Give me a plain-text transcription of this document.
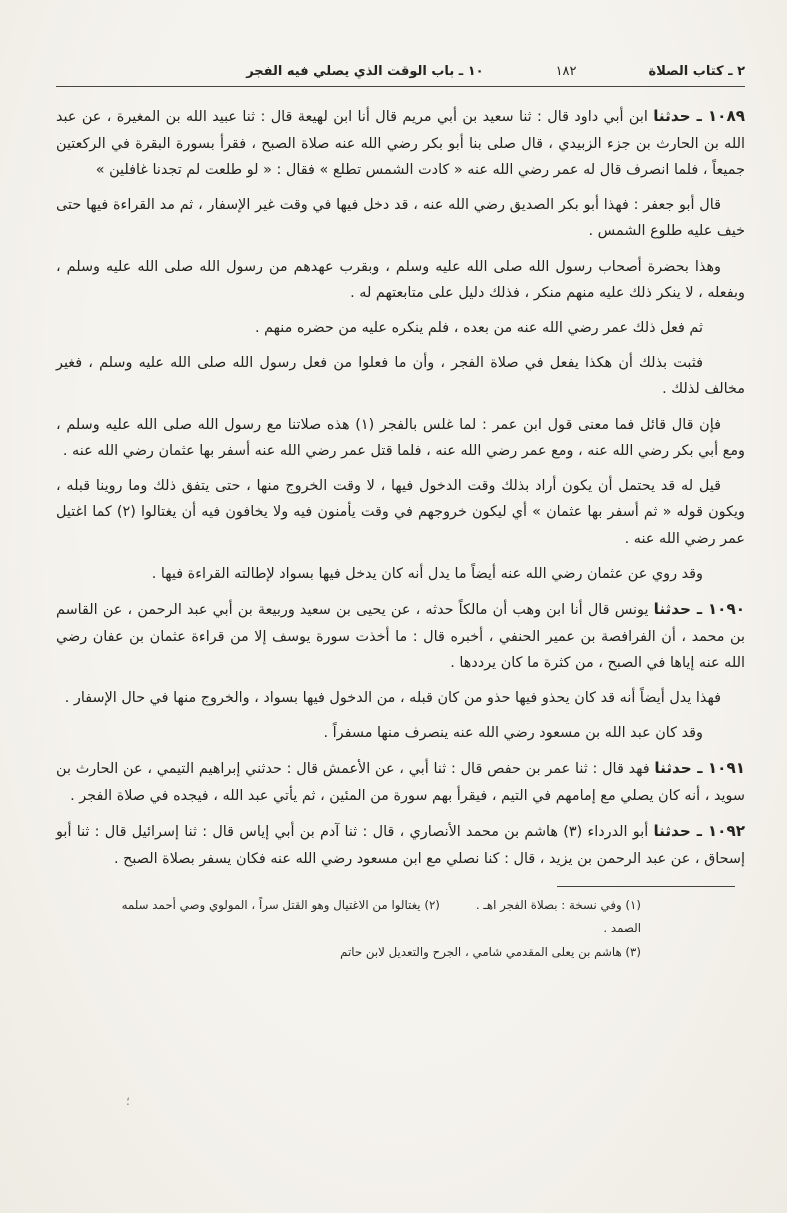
٢ ـ كتاب الصلاة
١٨٢
١٠ ـ باب الوقت الذي يصلي فيه الفجر

١٠٨٩ ـ حدثنا ابن أبي داود قال : ثنا سعيد بن أبي مريم قال أنا ابن لهيعة قال : ثنا عبيد الله بن المغيرة ، عن عبد الله بن الحارث بن جزء الزبيدي ، قال صلى بنا أبو بكر رضي الله عنه صلاة الصبح ، فقرأ بسورة البقرة في الركعتين جميعاً ، فلما انصرف قال له عمر رضي الله عنه « كادت الشمس تطلع » فقال : « لو طلعت لم تجدنا غافلين »

قال أبو جعفر : فهذا أبو بكر الصديق رضي الله عنه ، قد دخل فيها في وقت غير الإسفار ، ثم مد القراءة فيها حتى خيف عليه طلوع الشمس .

وهذا بحضرة أصحاب رسول الله صلى الله عليه وسلم ، وبقرب عهدهم من رسول الله صلى الله عليه وسلم ، وبفعله ، لا ينكر ذلك عليه منهم منكر ، فذلك دليل على متابعتهم له .

ثم فعل ذلك عمر رضي الله عنه من بعده ، فلم ينكره عليه من حضره منهم .

فثبت بذلك أن هكذا يفعل في صلاة الفجر ، وأن ما فعلوا من فعل رسول الله صلى الله عليه وسلم ، فغير مخالف لذلك .

فإن قال قائل فما معنى قول ابن عمر : لما غلس بالفجر (١) هذه صلاتنا مع رسول الله صلى الله عليه وسلم ، ومع أبي بكر رضي الله عنه ، ومع عمر رضي الله عنه ، فلما قتل عمر رضي الله عنه أسفر بها عثمان رضي الله عنه .

قيل له قد يحتمل أن يكون أراد بذلك وقت الدخول فيها ، لا وقت الخروج منها ، حتى يتفق ذلك وما روينا قبله ، ويكون قوله « ثم أسفر بها عثمان » أي ليكون خروجهم في وقت يأمنون فيه ولا يخافون فيه أن يغتالوا (٢) كما اغتيل عمر رضي الله عنه .

وقد روي عن عثمان رضي الله عنه أيضاً ما يدل أنه كان يدخل فيها بسواد لإطالته القراءة فيها .

١٠٩٠ ـ حدثنا يونس قال أنا ابن وهب أن مالكاً حدثه ، عن يحيى بن سعيد وربيعة بن أبي عبد الرحمن ، عن القاسم بن محمد ، أن الفرافصة بن عمير الحنفي ، أخبره قال : ما أخذت سورة يوسف إلا من قراءة عثمان بن عفان رضي الله عنه إياها في الصبح ، من كثرة ما كان يرددها .

فهذا يدل أيضاً أنه قد كان يحذو فيها حذو من كان قبله ، من الدخول فيها بسواد ، والخروج منها في حال الإسفار .

وقد كان عبد الله بن مسعود رضي الله عنه ينصرف منها مسفراً .

١٠٩١ ـ حدثنا فهد قال : ثنا عمر بن حفص قال : ثنا أبي ، عن الأعمش قال : حدثني إبراهيم التيمي ، عن الحارث بن سويد ، أنه كان يصلي مع إمامهم في التيم ، فيقرأ بهم سورة من المئين ، ثم يأتي عبد الله ، فيجده في صلاة الفجر .

١٠٩٢ ـ حدثنا أبو الدرداء (٣) هاشم بن محمد الأنصاري ، قال : ثنا آدم بن أبي إياس قال : ثنا إسرائيل قال : ثنا أبو إسحاق ، عن عبد الرحمن بن يزيد ، قال : كنا نصلي مع ابن مسعود رضي الله عنه فكان يسفر بصلاة الصبح .

(١) وفي نسخة : بصلاة الفجر اهـ .(٢) يغتالوا من الاغتيال وهو القتل سراً ، المولوي وصي أحمد سلمه الصمد .
(٣) هاشم بن يعلى المقدمي شامي ، الجرح والتعديل لابن حاتم
؛
